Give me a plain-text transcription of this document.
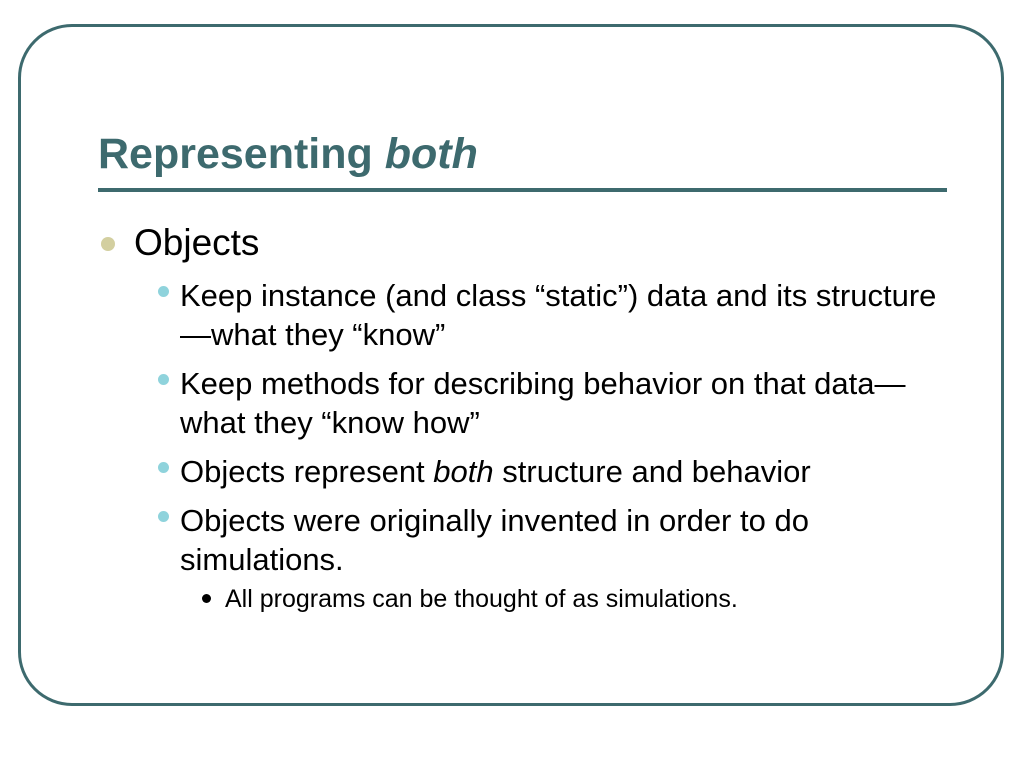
Representing both
Objects
Keep instance (and class “static”) data and its structure—what they “know”
Keep methods for describing behavior on that data—what they “know how”
Objects represent both structure and behavior
Objects were originally invented in order to do simulations.
All programs can be thought of as simulations.
